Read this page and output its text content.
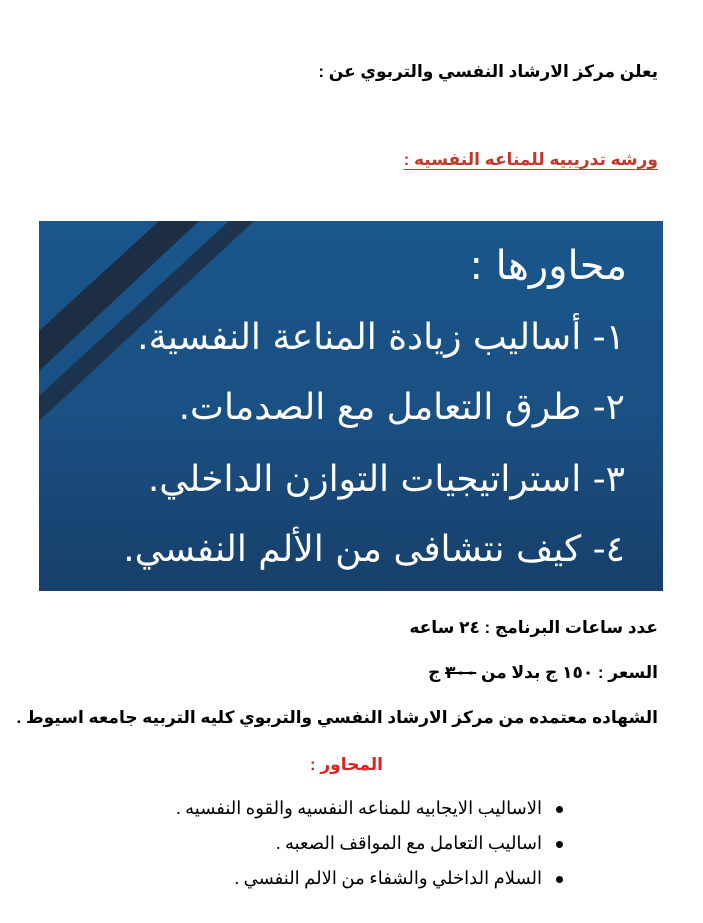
يعلن مركز الارشاد النفسي والتربوي عن :
ورشه تدريبيه للمناعه النفسيه :
محاورها :
١- أساليب زيادة المناعة النفسية.
٢- طرق التعامل مع الصدمات.
٣- استراتيجيات التوازن الداخلي.
٤- كيف نتشافى من الألم النفسي.
عدد ساعات البرنامج : ٢٤ ساعه
السعر : ١٥٠ ج بدلا من ٣٠٠ ج
الشهاده معتمده من مركز الارشاد النفسي والتربوي كليه التربيه جامعه اسيوط .
المحاور :
الاساليب الايجابيه للمناعه النفسيه والقوه النفسيه .
اساليب التعامل مع المواقف الصعبه .
السلام الداخلي والشفاء من الالم النفسي .
